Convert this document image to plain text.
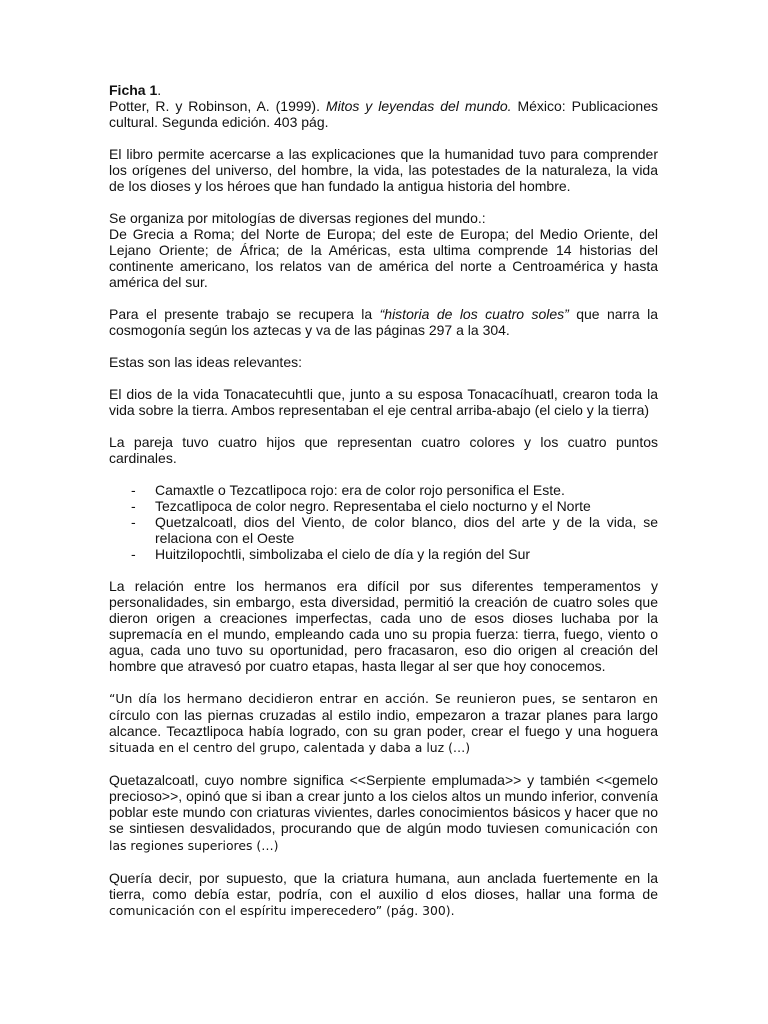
Ficha 1.
Potter, R. y Robinson, A. (1999). Mitos y leyendas del mundo. México: Publicaciones cultural. Segunda edición. 403 pág.

El libro permite acercarse a las explicaciones que la humanidad tuvo para comprender los orígenes del universo, del hombre, la vida, las potestades de la naturaleza, la vida de los dioses y los héroes que han fundado la antigua historia del hombre.

Se organiza por mitologías de diversas regiones del mundo.:

De Grecia a Roma; del Norte de Europa; del este de Europa; del Medio Oriente, del Lejano Oriente; de África; de la Américas, esta ultima comprende 14 historias del continente americano, los relatos van de américa del norte a Centroamérica y hasta américa del sur.

Para el presente trabajo se recupera la “historia de los cuatro soles” que narra la cosmogonía según los aztecas y va de las páginas 297 a la 304.

Estas son las ideas relevantes:

El dios de la vida Tonacatecuhtli que, junto a su esposa Tonacacíhuatl, crearon toda la vida sobre la tierra. Ambos representaban el eje central arriba-abajo (el cielo y la tierra)

La pareja tuvo cuatro hijos que representan cuatro colores y los cuatro puntos cardinales.

- Camaxtle o Tezcatlipoca rojo: era de color rojo personifica el Este.
- Tezcatlipoca de color negro. Representaba el cielo nocturno y el Norte
- Quetzalcoatl, dios del Viento, de color blanco, dios del arte y de la vida, se relaciona con el Oeste
- Huitzilopochtli, simbolizaba el cielo de día y la región del Sur

La relación entre los hermanos era difícil por sus diferentes temperamentos y personalidades, sin embargo, esta diversidad, permitió la creación de cuatro soles que dieron origen a creaciones imperfectas, cada uno de esos dioses luchaba por la supremacía en el mundo, empleando cada uno su propia fuerza: tierra, fuego, viento o agua, cada uno tuvo su oportunidad, pero fracasaron, eso dio origen al creación del hombre que atravesó por cuatro etapas, hasta llegar al ser que hoy conocemos.

“Un día los hermano decidieron entrar en acción. Se reunieron pues, se sentaron en círculo con las piernas cruzadas al estilo indio, empezaron a trazar planes para largo alcance. Tecaztlipoca había logrado, con su gran poder, crear el fuego y una hoguera situada en el centro del grupo, calentada y daba a luz (…)

Quetazalcoatl, cuyo nombre significa <<Serpiente emplumada>> y también <<gemelo precioso>>, opinó que si iban a crear junto a los cielos altos un mundo inferior, convenía poblar este mundo con criaturas vivientes, darles conocimientos básicos y hacer que no se sintiesen desvalidados, procurando que de algún modo tuviesen comunicación con las regiones superiores (…)

Quería decir, por supuesto, que la criatura humana, aun anclada fuertemente en la tierra, como debía estar, podría, con el auxilio d elos dioses, hallar una forma de comunicación con el espíritu imperecedero” (pág. 300).
